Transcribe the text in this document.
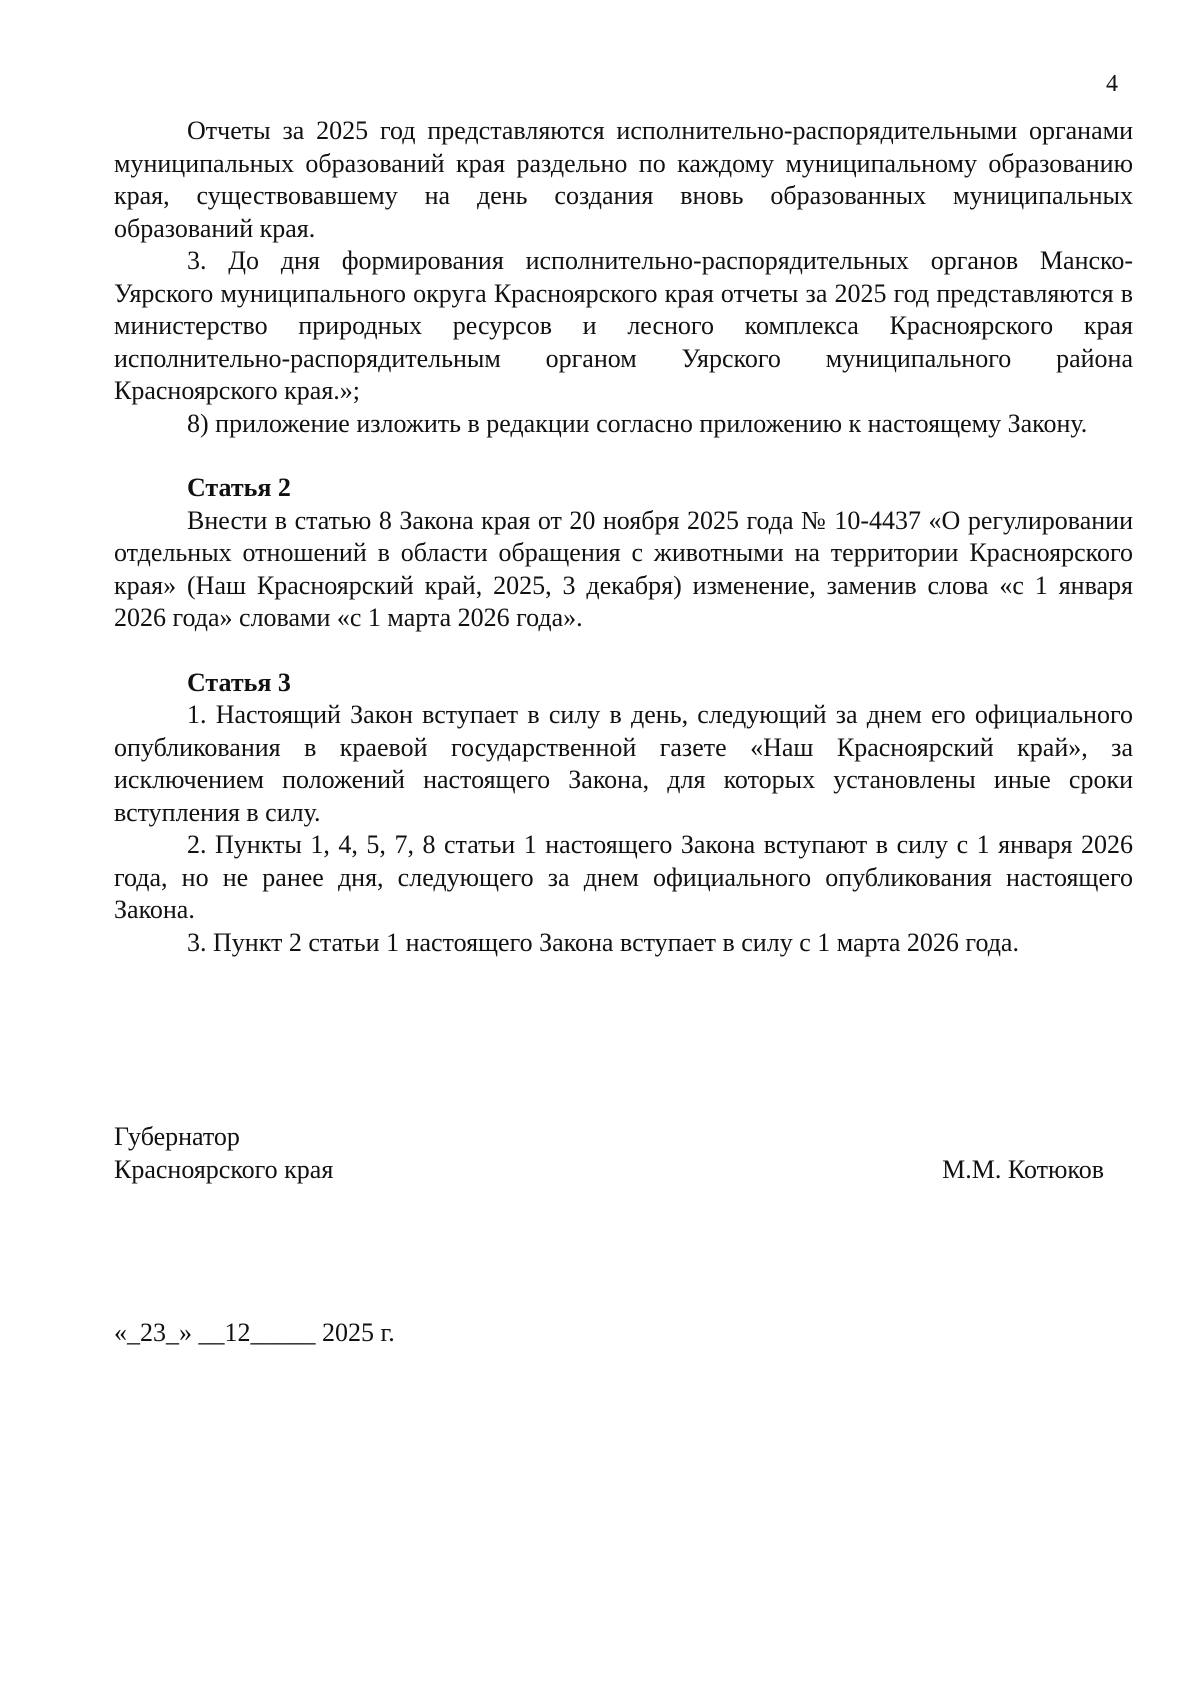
4

Отчеты за 2025 год представляются исполнительно-распорядительными органами муниципальных образований края раздельно по каждому муниципальному образованию края, существовавшему на день создания вновь образованных муниципальных образований края.

3. До дня формирования исполнительно-распорядительных органов Манско-Уярского муниципального округа Красноярского края отчеты за 2025 год представляются в министерство природных ресурсов и лесного комплекса Красноярского края исполнительно-распорядительным органом Уярского муниципального района Красноярского края.»;

8) приложение изложить в редакции согласно приложению к настоящему Закону.

Статья 2

Внести в статью 8 Закона края от 20 ноября 2025 года № 10-4437 «О регулировании отдельных отношений в области обращения с животными на территории Красноярского края» (Наш Красноярский край, 2025, 3 декабря) изменение, заменив слова «с 1 января 2026 года» словами «с 1 марта 2026 года».

Статья 3

1. Настоящий Закон вступает в силу в день, следующий за днем его официального опубликования в краевой государственной газете «Наш Красноярский край», за исключением положений настоящего Закона, для которых установлены иные сроки вступления в силу.

2. Пункты 1, 4, 5, 7, 8 статьи 1 настоящего Закона вступают в силу с 1 января 2026 года, но не ранее дня, следующего за днем официального опубликования настоящего Закона.

3. Пункт 2 статьи 1 настоящего Закона вступает в силу с 1 марта 2026 года.

Губернатор
Красноярского края	М.М. Котюков
«_23_» __12_____ 2025 г.
